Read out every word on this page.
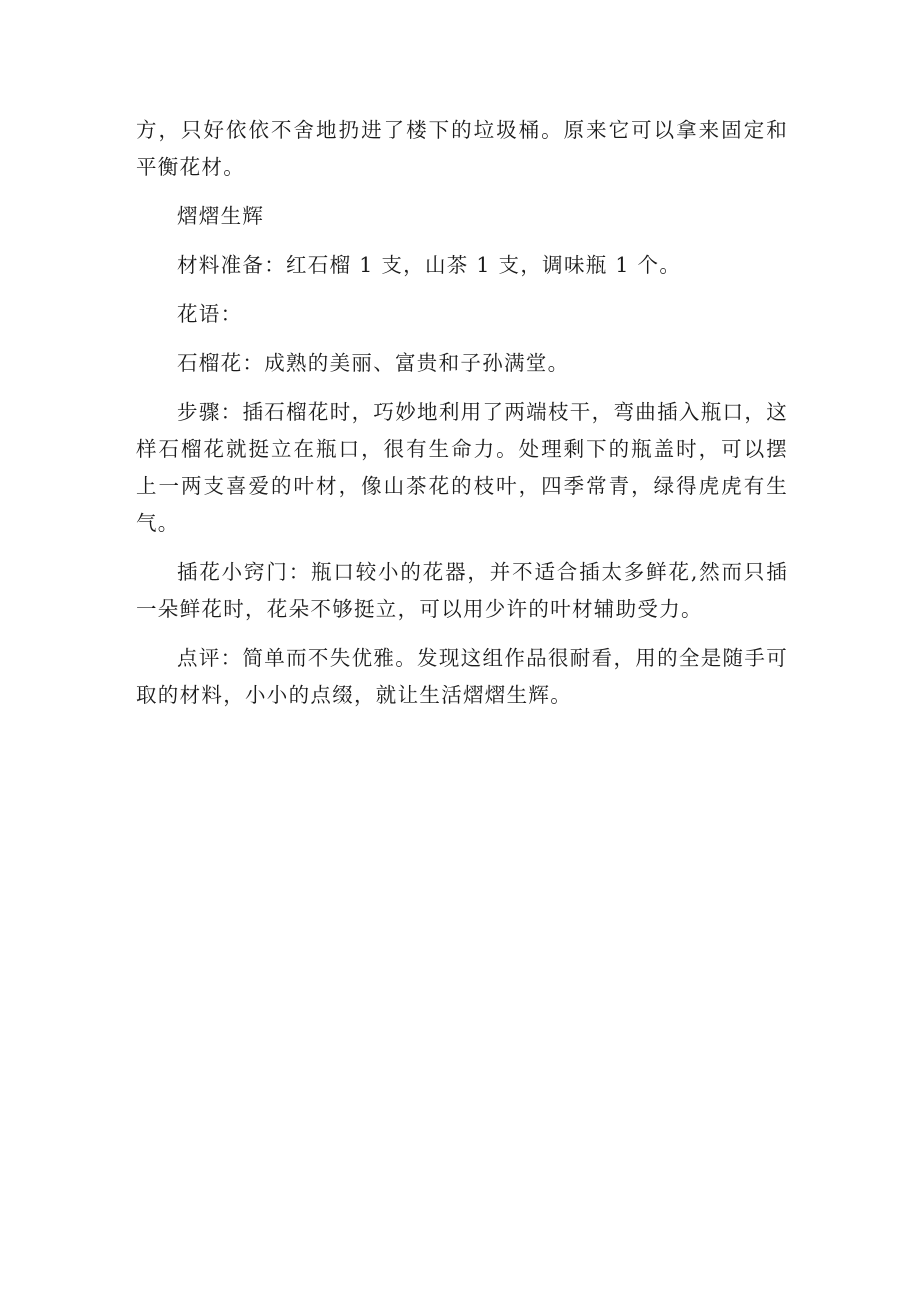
方，只好依依不舍地扔进了楼下的垃圾桶。原来它可以拿来固定和平衡花材。

熠熠生辉

材料准备：红石榴 1 支，山茶 1 支，调味瓶 1 个。

花语：

石榴花：成熟的美丽、富贵和子孙满堂。

步骤：插石榴花时，巧妙地利用了两端枝干，弯曲插入瓶口，这样石榴花就挺立在瓶口，很有生命力。处理剩下的瓶盖时，可以摆上一两支喜爱的叶材，像山茶花的枝叶，四季常青，绿得虎虎有生气。

插花小窍门：瓶口较小的花器，并不适合插太多鲜花,然而只插一朵鲜花时，花朵不够挺立，可以用少许的叶材辅助受力。

点评：简单而不失优雅。发现这组作品很耐看，用的全是随手可取的材料，小小的点缀，就让生活熠熠生辉。
